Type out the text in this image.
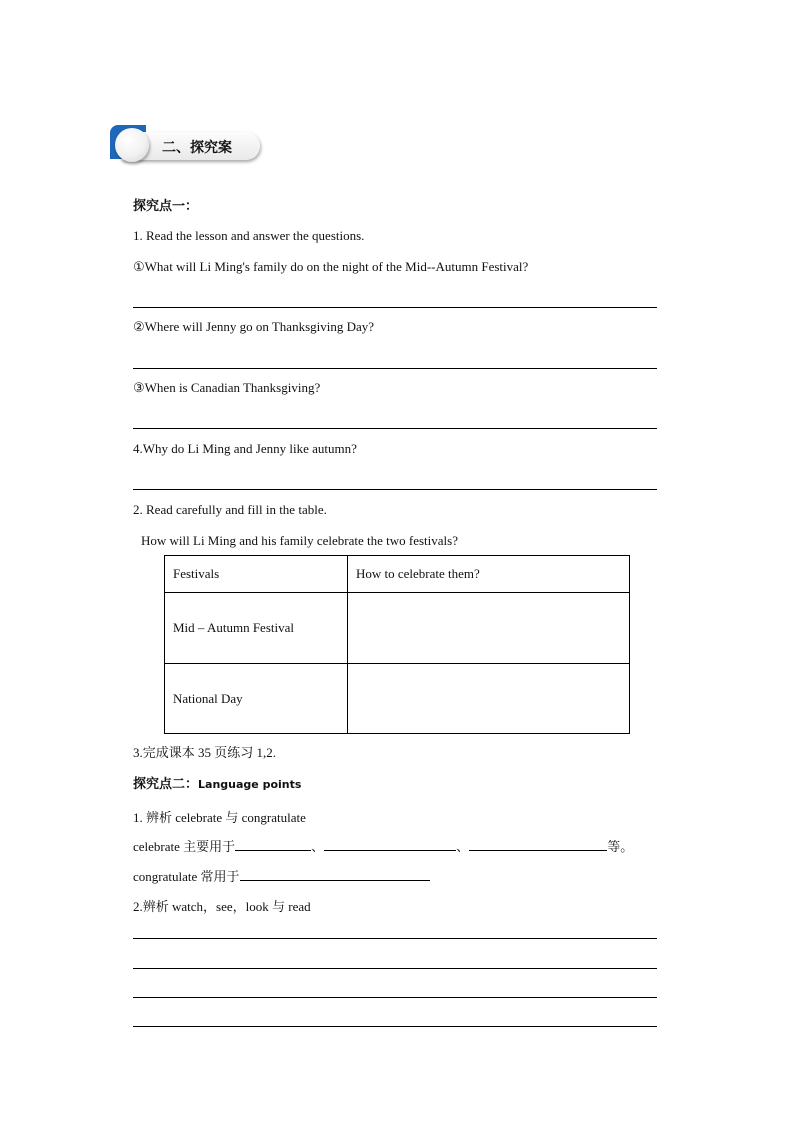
二、探究案
探究点一：
1. Read the lesson and answer the questions.
①What will Li Ming's family do on the night of the Mid--Autumn Festival?
②Where will Jenny go on Thanksgiving Day?
③When is Canadian Thanksgiving?
4.Why do Li Ming and Jenny like autumn?
2. Read carefully and fill in the table.
How will Li Ming and his family celebrate the two festivals?
Festivals	How to celebrate them?
Mid – Autumn Festival	
National Day	
3.完成课本 35 页练习 1,2.
探究点二：Language points
1. 辨析 celebrate 与 congratulate
celebrate 主要用于	、	、	等。
congratulate 常用于
2.辨析 watch，see，look 与 read
